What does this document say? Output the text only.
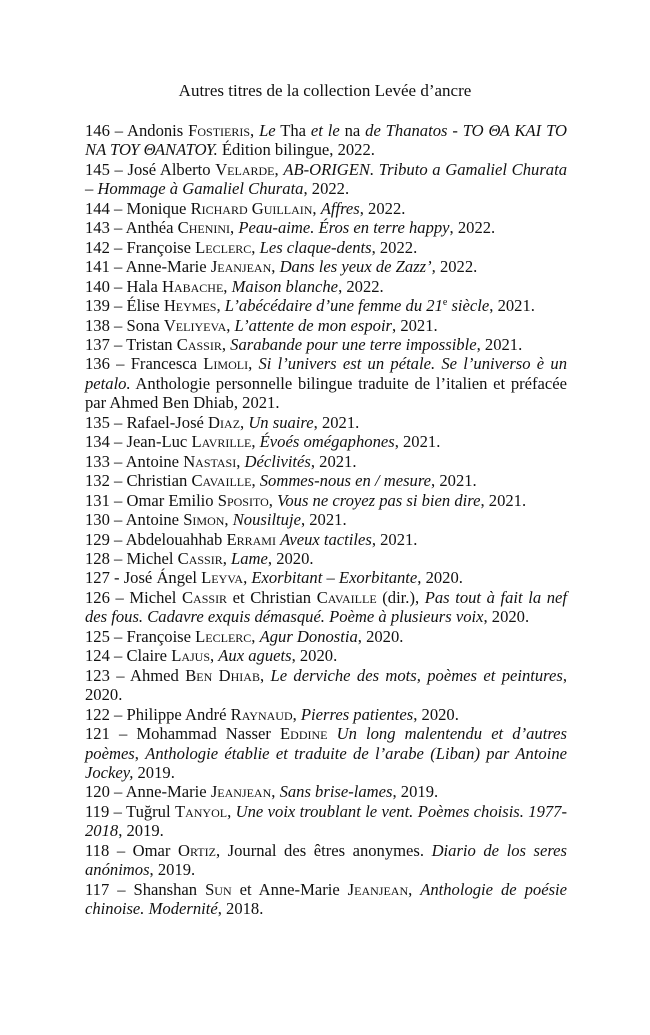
Autres titres de la collection Levée d’ancre
146 – Andonis Fostieris, Le Tha et le na de Thanatos - ΤΟ ΘΑ ΚΑΙ ΤΟ ΝΑ ΤΟΥ ΘΑΝΑΤΟΥ. Édition bilingue, 2022.
145 – José Alberto Velarde, AB-ORIGEN. Tributo a Gamaliel Churata – Hommage à Gamaliel Churata, 2022.
144 – Monique Richard Guillain, Affres, 2022.
143 – Anthéa Chenini, Peau-aime. Éros en terre happy, 2022.
142 – Françoise Leclerc, Les claque-dents, 2022.
141 – Anne-Marie Jeanjean, Dans les yeux de Zazz’, 2022.
140 – Hala Habache, Maison blanche, 2022.
139 – Élise Heymes, L’abécédaire d’une femme du 21e siècle, 2021.
138 – Sona Veliyeva, L’attente de mon espoir, 2021.
137 – Tristan Cassir, Sarabande pour une terre impossible, 2021.
136 – Francesca Limoli, Si l’univers est un pétale. Se l’universo è un petalo. Anthologie personnelle bilingue traduite de l’italien et préfacée par Ahmed Ben Dhiab, 2021.
135 – Rafael-José Diaz, Un suaire, 2021.
134 – Jean-Luc Lavrille, Évoés omégaphones, 2021.
133 – Antoine Nastasi, Déclivités, 2021.
132 – Christian Cavaille, Sommes-nous en / mesure, 2021.
131 – Omar Emilio Sposito, Vous ne croyez pas si bien dire, 2021.
130 – Antoine Simon, Nousiltuje, 2021.
129 – Abdelouahhab Errami Aveux tactiles, 2021.
128 – Michel Cassir, Lame, 2020.
127 - José Ángel Leyva, Exorbitant – Exorbitante, 2020.
126 – Michel Cassir et Christian Cavaille (dir.), Pas tout à fait la nef des fous. Cadavre exquis démasqué. Poème à plusieurs voix, 2020.
125 – Françoise Leclerc, Agur Donostia, 2020.
124 – Claire Lajus, Aux aguets, 2020.
123 – Ahmed Ben Dhiab, Le derviche des mots, poèmes et peintures, 2020.
122 – Philippe André Raynaud, Pierres patientes, 2020.
121 – Mohammad Nasser Eddine Un long malentendu et d’autres poèmes, Anthologie établie et traduite de l’arabe (Liban) par Antoine Jockey, 2019.
120 – Anne-Marie Jeanjean, Sans brise-lames, 2019.
119 – Tuğrul Tanyol, Une voix troublant le vent. Poèmes choisis. 1977-2018, 2019.
118 – Omar Ortiz, Journal des êtres anonymes. Diario de los seres anónimos, 2019.
117 – Shanshan Sun et Anne-Marie Jeanjean, Anthologie de poésie chinoise. Modernité, 2018.
